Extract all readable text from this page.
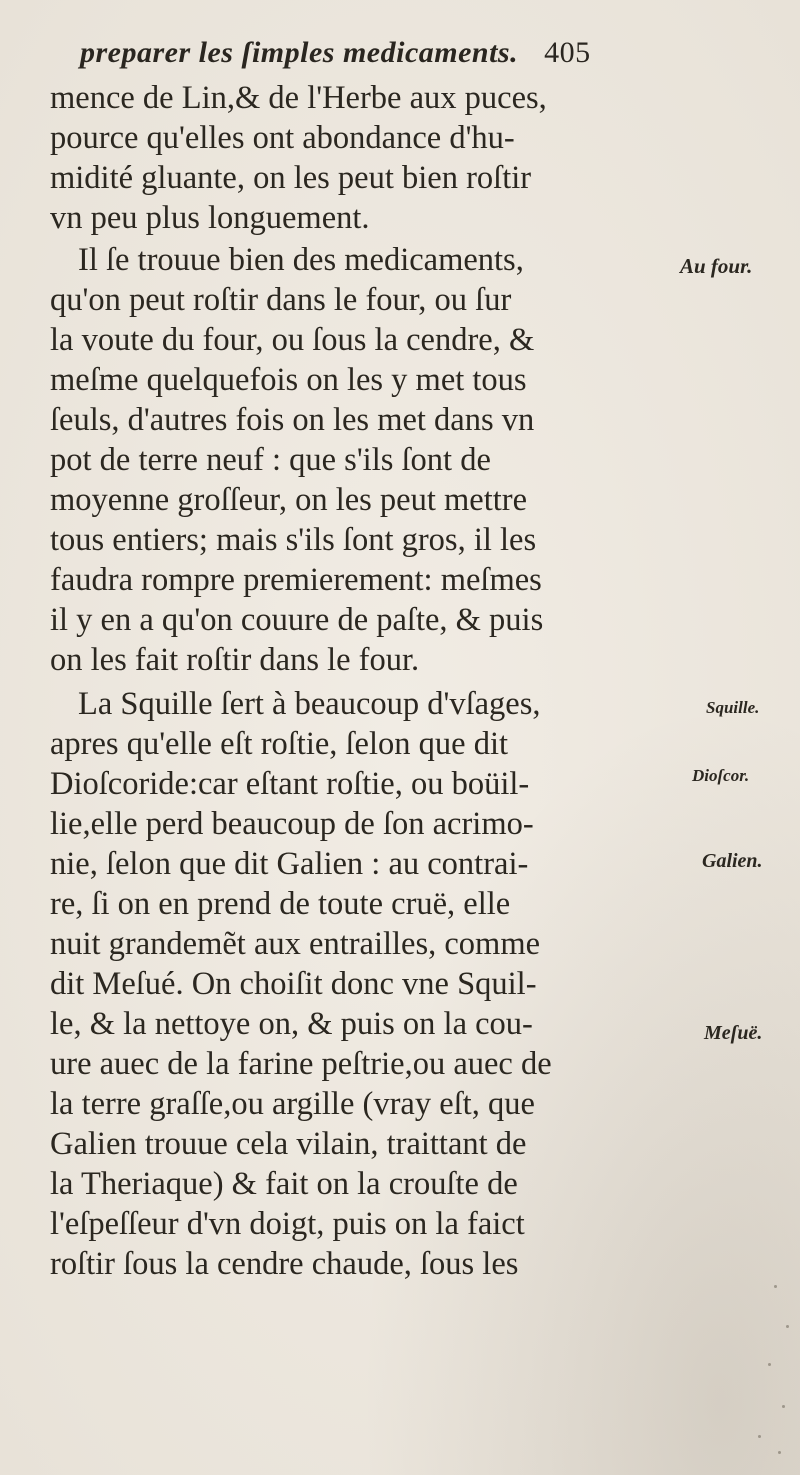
preparer les ſimples medicaments. 405
mence de Lin,& de l'Herbe aux puces,
pource qu'elles ont abondance d'hu-
midité gluante, on les peut bien roſtir
vn peu plus longuement.
Il ſe trouue bien des medicaments,
qu'on peut roſtir dans le four, ou ſur
la voute du four, ou ſous la cendre, &
meſme quelquefois on les y met tous
ſeuls, d'autres fois on les met dans vn
pot de terre neuf : que s'ils ſont de
moyenne groſſeur, on les peut mettre
tous entiers; mais s'ils ſont gros, il les
faudra rompre premierement: meſmes
il y en a qu'on couure de paſte, & puis
on les fait roſtir dans le four.
La Squille ſert à beaucoup d'vſages,
apres qu'elle eſt roſtie, ſelon que dit
Dioſcoride:car eſtant roſtie, ou boüil-
lie,elle perd beaucoup de ſon acrimo-
nie, ſelon que dit Galien : au contrai-
re, ſi on en prend de toute cruë, elle
nuit grandemẽt aux entrailles, comme
dit Meſué. On choiſit donc vne Squil-
le, & la nettoye on, & puis on la cou-
ure auec de la farine peſtrie,ou auec de
la terre graſſe,ou argille (vray eſt, que
Galien trouue cela vilain, traittant de
la Theriaque) & fait on la crouſte de
l'eſpeſſeur d'vn doigt, puis on la faict
roſtir ſous la cendre chaude, ſous les
Au four.
Squille.
Dioſcor.
Galien.
Meſuë.
